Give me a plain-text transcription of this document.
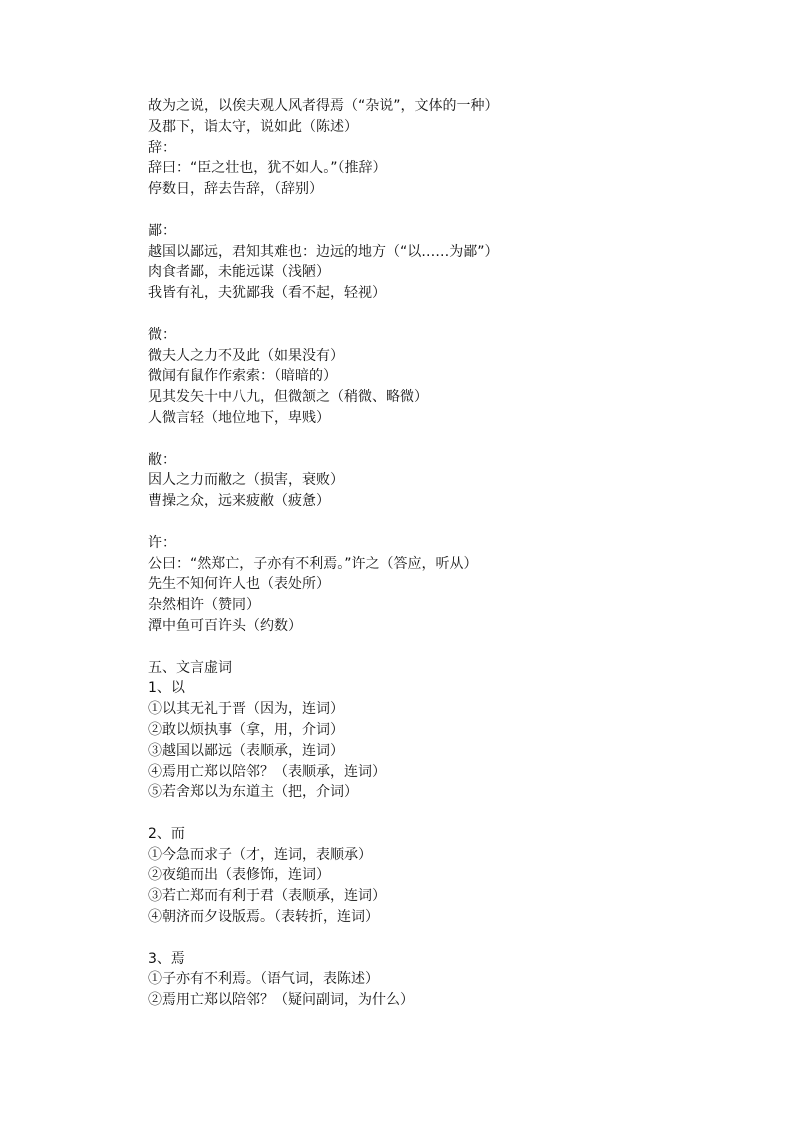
故为之说，以俟夫观人风者得焉（“杂说”，文体的一种）
及郡下，诣太守，说如此（陈述）
辞：
辞曰：“臣之壮也，犹不如人。”（推辞）
停数日，辞去告辞，（辞别）
鄙：
越国以鄙远，君知其难也：边远的地方（“以……为鄙”）
肉食者鄙，未能远谋（浅陋）
我皆有礼，夫犹鄙我（看不起，轻视）
微：
微夫人之力不及此（如果没有）
微闻有鼠作作索索：（暗暗的）
见其发矢十中八九，但微颔之（稍微、略微）
人微言轻（地位地下，卑贱）
敝：
因人之力而敝之（损害，衰败）
曹操之众，远来疲敝（疲惫）
许：
公曰：“然郑亡，子亦有不利焉。”许之（答应，听从）
先生不知何许人也（表处所）
杂然相许（赞同）
潭中鱼可百许头（约数）
五、文言虚词
1、以
①以其无礼于晋（因为，连词）
②敢以烦执事（拿，用，介词）
③越国以鄙远（表顺承，连词）
④焉用亡郑以陪邻？（表顺承，连词）
⑤若舍郑以为东道主（把，介词）
2、而
①今急而求子（才，连词，表顺承）
②夜缒而出（表修饰，连词）
③若亡郑而有利于君（表顺承，连词）
④朝济而夕设版焉。（表转折，连词）
3、焉
①子亦有不利焉。（语气词，表陈述）
②焉用亡郑以陪邻？（疑问副词，为什么）
